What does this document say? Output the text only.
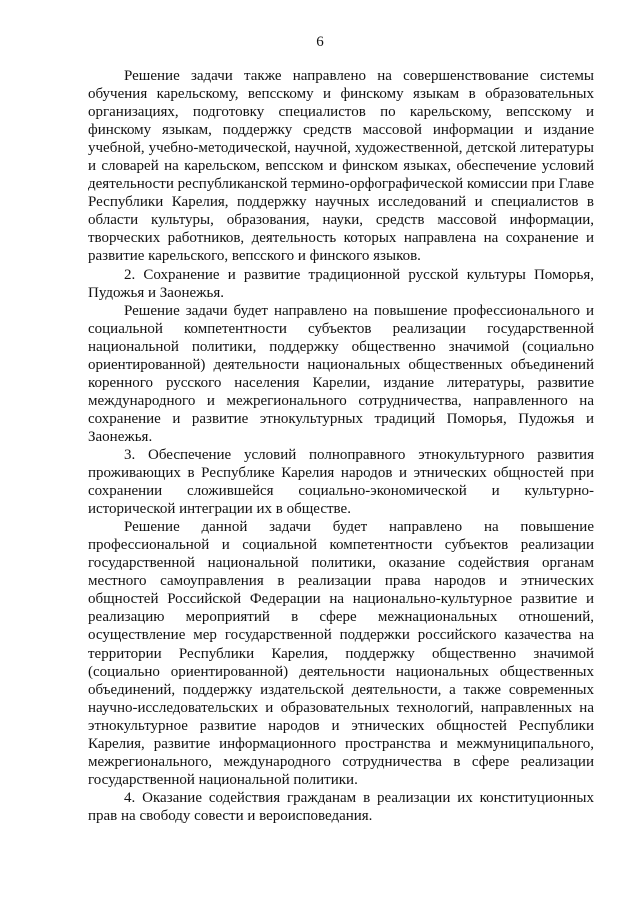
6

Решение задачи также направлено на совершенствование системы обучения карельскому, вепсскому и финскому языкам в образовательных организациях, подготовку специалистов по карельскому, вепсскому и финскому языкам, поддержку средств массовой информации и издание учебной, учебно-методической, научной, художественной, детской литературы и словарей на карельском, вепсском и финском языках, обеспечение условий деятельности республиканской термино-орфографической комиссии при Главе Республики Карелия, поддержку научных исследований и специалистов в области культуры, образования, науки, средств массовой информации, творческих работников, деятельность которых направлена на сохранение и развитие карельского, вепсского и финского языков.

2. Сохранение и развитие традиционной русской культуры Поморья, Пудожья и Заонежья.

Решение задачи будет направлено на повышение профессионального и социальной компетентности субъектов реализации государственной национальной политики, поддержку общественно значимой (социально ориентированной) деятельности национальных общественных объединений коренного русского населения Карелии, издание литературы, развитие международного и межрегионального сотрудничества, направленного на сохранение и развитие этнокультурных традиций Поморья, Пудожья и Заонежья.

3. Обеспечение условий полноправного этнокультурного развития проживающих в Республике Карелия народов и этнических общностей при сохранении сложившейся социально-экономической и культурно-исторической интеграции их в обществе.

Решение данной задачи будет направлено на повышение профессиональной и социальной компетентности субъектов реализации государственной национальной политики, оказание содействия органам местного самоуправления в реализации права народов и этнических общностей Российской Федерации на национально-культурное развитие и реализацию мероприятий в сфере межнациональных отношений, осуществление мер государственной поддержки российского казачества на территории Республики Карелия, поддержку общественно значимой (социально ориентированной) деятельности национальных общественных объединений, поддержку издательской деятельности, а также современных научно-исследовательских и образовательных технологий, направленных на этнокультурное развитие народов и этнических общностей Республики Карелия, развитие информационного пространства и межмуниципального, межрегионального, международного сотрудничества в сфере реализации государственной национальной политики.

4. Оказание содействия гражданам в реализации их конституционных прав на свободу совести и вероисповедания.
